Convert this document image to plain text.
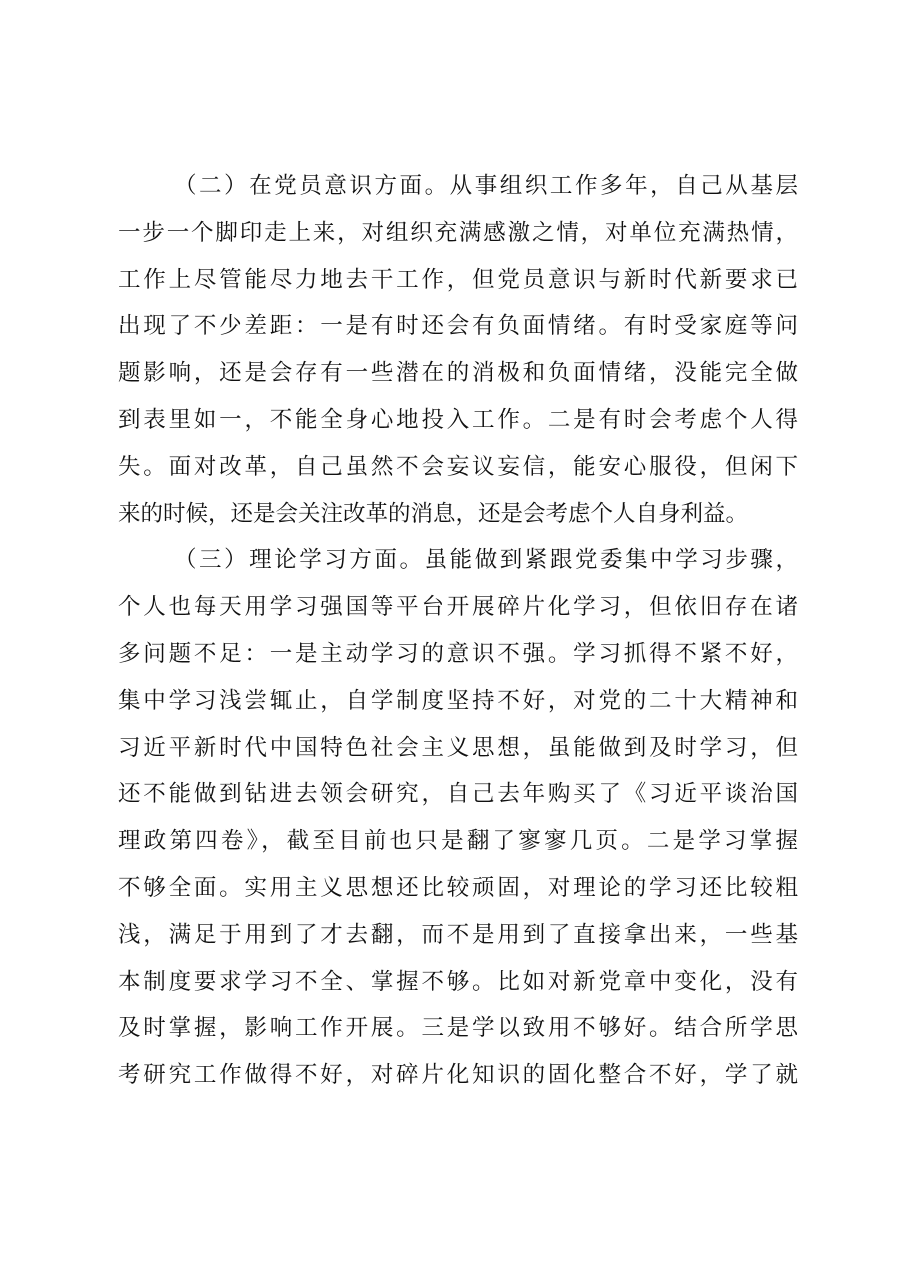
（二）在党员意识方面。从事组织工作多年，自己从基层
一步一个脚印走上来，对组织充满感激之情，对单位充满热情，
工作上尽管能尽力地去干工作，但党员意识与新时代新要求已
出现了不少差距：一是有时还会有负面情绪。有时受家庭等问
题影响，还是会存有一些潜在的消极和负面情绪，没能完全做
到表里如一，不能全身心地投入工作。二是有时会考虑个人得
失。面对改革，自己虽然不会妄议妄信，能安心服役，但闲下
来的时候，还是会关注改革的消息，还是会考虑个人自身利益。
（三）理论学习方面。虽能做到紧跟党委集中学习步骤，
个人也每天用学习强国等平台开展碎片化学习，但依旧存在诸
多问题不足：一是主动学习的意识不强。学习抓得不紧不好，
集中学习浅尝辄止，自学制度坚持不好，对党的二十大精神和
习近平新时代中国特色社会主义思想，虽能做到及时学习，但
还不能做到钻进去领会研究，自己去年购买了《习近平谈治国
理政第四卷》，截至目前也只是翻了寥寥几页。二是学习掌握
不够全面。实用主义思想还比较顽固，对理论的学习还比较粗
浅，满足于用到了才去翻，而不是用到了直接拿出来，一些基
本制度要求学习不全、掌握不够。比如对新党章中变化，没有
及时掌握，影响工作开展。三是学以致用不够好。结合所学思
考研究工作做得不好，对碎片化知识的固化整合不好，学了就
